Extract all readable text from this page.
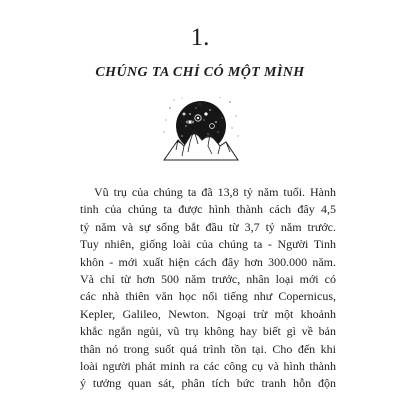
1.
CHÚNG TA CHỈ CÓ MỘT MÌNH
Vũ trụ của chúng ta đã 13,8 tỷ năm tuổi. Hành
tinh của chúng ta được hình thành cách đây 4,5
tỷ năm và sự sống bắt đầu từ 3,7 tỷ năm trước.
Tuy nhiên, giống loài của chúng ta - Người Tinh
khôn - mới xuất hiện cách đây hơn 300.000 năm.
Và chỉ từ hơn 500 năm trước, nhân loại mới có
các nhà thiên văn học nổi tiếng như Copernicus,
Kepler, Galileo, Newton. Ngoại trừ một khoảnh
khắc ngắn ngủi, vũ trụ không hay biết gì về bản
thân nó trong suốt quá trình tồn tại. Cho đến khi
loài người phát minh ra các công cụ và hình thành
ý tưởng quan sát, phân tích bức tranh hỗn độn
